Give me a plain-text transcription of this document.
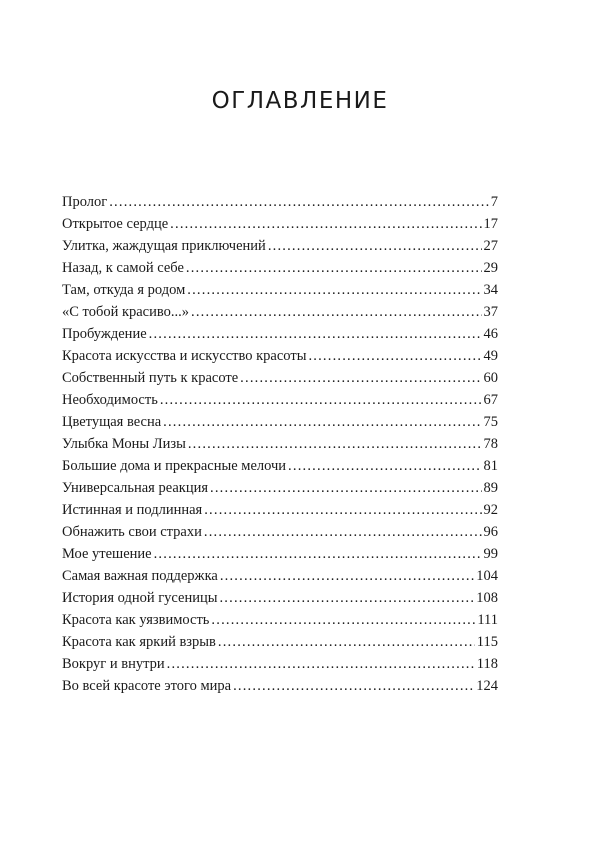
ОГЛАВЛЕНИЕ
Пролог .....	7
Открытое сердце .....	17
Улитка, жаждущая приключений .....	27
Назад, к самой себе .....	29
Там, откуда я родом .....	34
«С тобой красиво...» .....	37
Пробуждение .....	46
Красота искусства и искусство красоты .....	49
Собственный путь к красоте .....	60
Необходимость .....	67
Цветущая весна .....	75
Улыбка Моны Лизы .....	78
Большие дома и прекрасные мелочи .....	81
Универсальная реакция .....	89
Истинная и подлинная .....	92
Обнажить свои страхи .....	96
Мое утешение .....	99
Самая важная поддержка .....	104
История одной гусеницы .....	108
Красота как уязвимость .....	111
Красота как яркий взрыв .....	115
Вокруг и внутри .....	118
Во всей красоте этого мира .....	124
